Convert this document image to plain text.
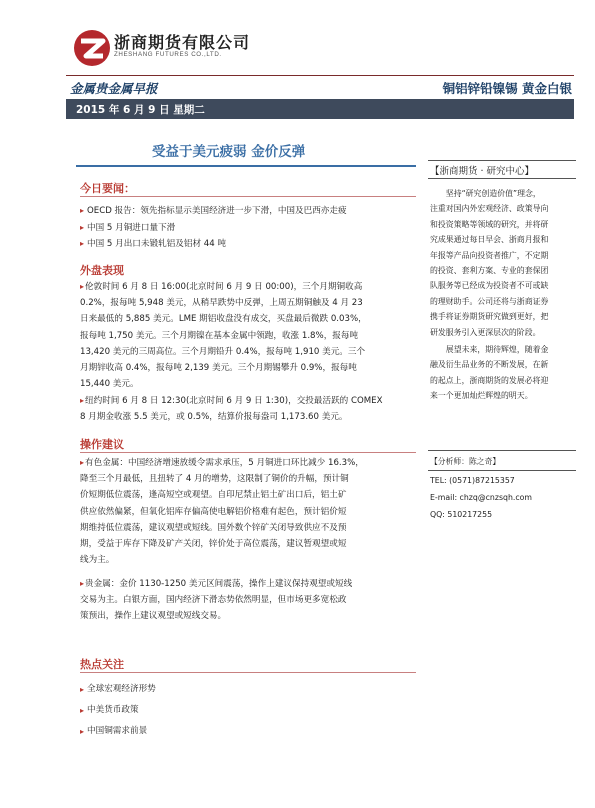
浙商期货有限公司
ZHESHANG FUTURES CO.,LTD.
金属贵金属早报	铜铝锌铅镍锡 黄金白银
2015 年 6 月 9 日 星期二
受益于美元疲弱 金价反弹
今日要闻：
▸ OECD 报告：领先指标显示美国经济进一步下滑，中国及巴西亦走疲
▸ 中国 5 月铜进口量下滑
▸ 中国 5 月出口未锻轧铝及铝材 44 吨
外盘表现
▸伦敦时间 6 月 8 日 16:00(北京时间 6 月 9 日 00:00)，三个月期铜收高
0.2%，报每吨 5,948 美元，从稍早跌势中反弹，上周五期铜触及 4 月 23
日来最低的 5,885 美元。LME 期铝收盘没有成交，买盘最后微跌 0.03%，
报每吨 1,750 美元。三个月期镍在基本金属中领跑，收涨 1.8%，报每吨
13,420 美元的三周高位。三个月期铅升 0.4%，报每吨 1,910 美元。三个
月期锌收高 0.4%，报每吨 2,139 美元。三个月期锡攀升 0.9%，报每吨
15,440 美元。
▸纽约时间 6 月 8 日 12:30(北京时间 6 月 9 日 1:30)，交投最活跃的 COMEX
8 月期金收涨 5.5 美元，或 0.5%，结算价报每盎司 1,173.60 美元。
操作建议
▸有色金属：中国经济增速放缓令需求承压，5 月铜进口环比减少 16.3%，
降至三个月最低，且扭转了 4 月的增势，这限制了铜价的升幅，预计铜
价短期低位震荡，逢高短空或观望。自印尼禁止铝土矿出口后，铝土矿
供应依然偏紧，但氧化铝库存偏高使电解铝价格难有起色，预计铝价短
期维持低位震荡，建议观望或短线。国外数个锌矿关闭导致供应不及预
期，受益于库存下降及矿产关闭，锌价处于高位震荡，建议暂观望或短
线为主。
▸贵金属：金价 1130-1250 美元区间震荡，操作上建议保持观望或短线
交易为主。白银方面，国内经济下滑态势依然明显，但市场更多宽松政
策预出，操作上建议观望或短线交易。
热点关注
▸ 全球宏观经济形势
▸ 中美货币政策
▸ 中国铜需求前景
【浙商期货 · 研究中心】
坚持“研究创造价值”理念，
注重对国内外宏观经济、政策导向
和投资策略等领域的研究，并将研
究成果通过每日早会、浙商月报和
年报等产品向投资者推广，不定期
的投资、套利方案、专业的套保团
队服务等已经成为投资者不可或缺
的理财助手。公司还将与浙商证券
携手将证券期货研究做到更好，把
研发服务引入更深层次的阶段。
展望未来，期待辉煌，随着金
融及衍生品业务的不断发展，在新
的起点上，浙商期货的发展必将迎
来一个更加灿烂辉煌的明天。
【分析师：陈之奇】
TEL: (0571)87215357
E-mail: chzq@cnzsqh.com
QQ: 510217255
